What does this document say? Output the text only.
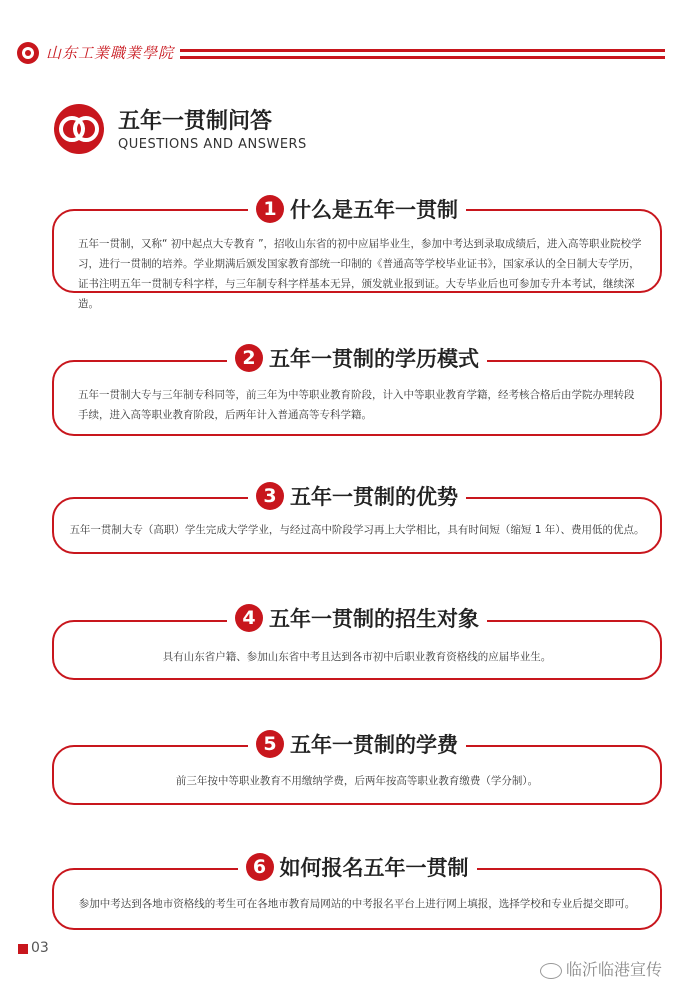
山东工業職業學院
五年一贯制问答
QUESTIONS AND ANSWERS
五年一贯制，又称“ 初中起点大专教育 ”，招收山东省的初中应届毕业生，参加中考达到录取成绩后，进入高等职业院校学习，进行一贯制的培养。学业期满后颁发国家教育部统一印制的《普通高等学校毕业证书》，国家承认的全日制大专学历，证书注明五年一贯制专科字样，与三年制专科字样基本无异，颁发就业报到证。大专毕业后也可参加专升本考试，继续深造。
1 什么是五年一贯制
五年一贯制大专与三年制专科同等，前三年为中等职业教育阶段，计入中等职业教育学籍，经考核合格后由学院办理转段手续，进入高等职业教育阶段，后两年计入普通高等专科学籍。
2 五年一贯制的学历模式
五年一贯制大专（高职）学生完成大学学业，与经过高中阶段学习再上大学相比，具有时间短（缩短 1 年）、费用低的优点。
3 五年一贯制的优势
具有山东省户籍、参加山东省中考且达到各市初中后职业教育资格线的应届毕业生。
4 五年一贯制的招生对象
前三年按中等职业教育不用缴纳学费，后两年按高等职业教育缴费（学分制）。
5 五年一贯制的学费
参加中考达到各地市资格线的考生可在各地市教育局网站的中考报名平台上进行网上填报，选择学校和专业后提交即可。
6 如何报名五年一贯制
03
临沂临港宣传
